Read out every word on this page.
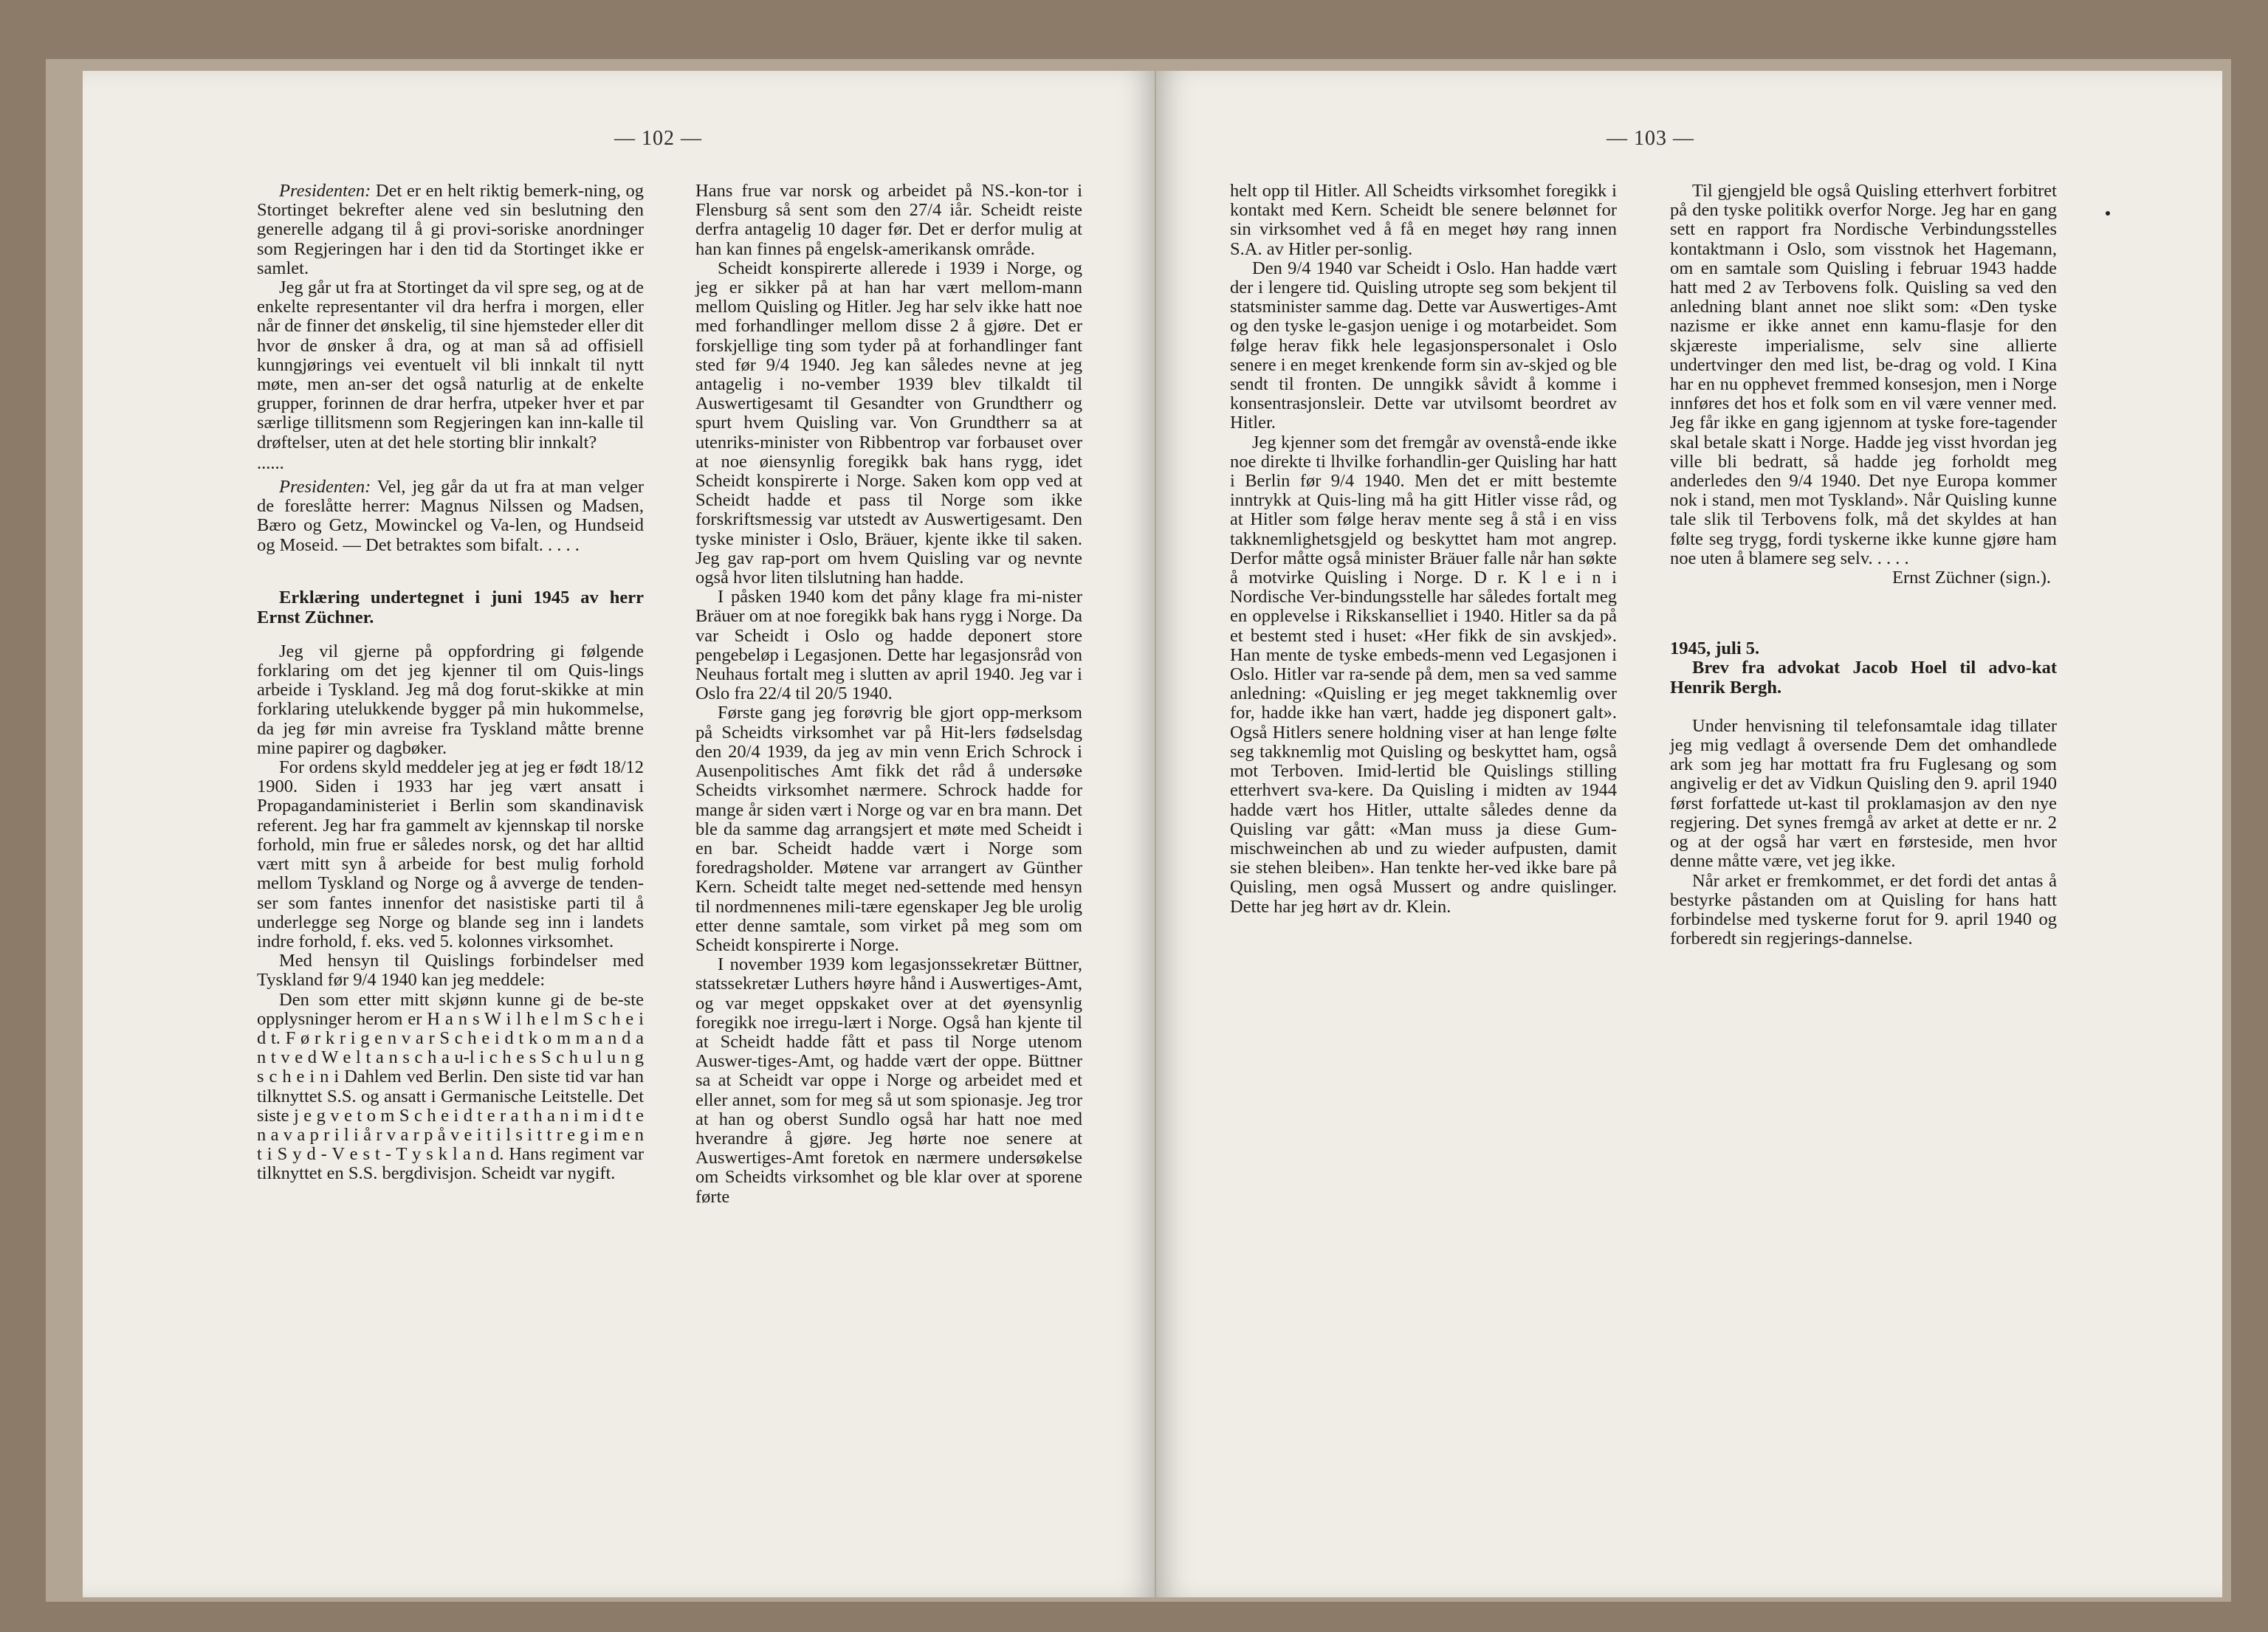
— 102 —

Presidenten: Det er en helt riktig bemerk-ning, og Stortinget bekrefter alene ved sin beslutning den generelle adgang til å gi provi-soriske anordninger som Regjeringen har i den tid da Stortinget ikke er samlet.

Jeg går ut fra at Stortinget da vil spre seg, og at de enkelte representanter vil dra herfra i morgen, eller når de finner det ønskelig, til sine hjemsteder eller dit hvor de ønsker å dra, og at man så ad offisiell kunngjørings vei eventuelt vil bli innkalt til nytt møte, men an-ser det også naturlig at de enkelte grupper, forinnen de drar herfra, utpeker hver et par særlige tillitsmenn som Regjeringen kan inn-kalle til drøftelser, uten at det hele storting blir innkalt?

......

Presidenten: Vel, jeg går da ut fra at man velger de foreslåtte herrer: Magnus Nilssen og Madsen, Bæro og Getz, Mowinckel og Va-len, og Hundseid og Moseid. — Det betraktes som bifalt. . . . .

Erklæring undertegnet i juni 1945 av herr Ernst Züchner.

Jeg vil gjerne på oppfordring gi følgende forklaring om det jeg kjenner til om Quis-lings arbeide i Tyskland. Jeg må dog forut-skikke at min forklaring utelukkende bygger på min hukommelse, da jeg før min avreise fra Tyskland måtte brenne mine papirer og dagbøker.

For ordens skyld meddeler jeg at jeg er født 18/12 1900. Siden i 1933 har jeg vært ansatt i Propagandaministeriet i Berlin som skandinavisk referent. Jeg har fra gammelt av kjennskap til norske forhold, min frue er således norsk, og det har alltid vært mitt syn å arbeide for best mulig forhold mellom Tyskland og Norge og å avverge de tenden-ser som fantes innenfor det nasistiske parti til å underlegge seg Norge og blande seg inn i landets indre forhold, f. eks. ved 5. kolonnes virksomhet.

Med hensyn til Quislings forbindelser med Tyskland før 9/4 1940 kan jeg meddele:

Den som etter mitt skjønn kunne gi de be-ste opplysninger herom er H a n s W i l h e l m S c h e i d t. F ø r k r i g e n v a r S c h e i d t k o m m a n d a n t v e d W e l t a n s c h a u-l i c h e s S c h u l u n g s c h e i n i Dahlem ved Berlin. Den siste tid var han tilknyttet S.S. og ansatt i Germanische Leitstelle. Det siste j e g v e t o m S c h e i d t e r a t h a n i m i d t e n a v a p r i l i å r v a r p å v e i t i l s i t t r e g i m e n t i S y d - V e s t - T y s k l a n d. Hans regiment var tilknyttet en S.S. bergdivisjon. Scheidt var nygift.

Hans frue var norsk og arbeidet på NS.-kon-tor i Flensburg så sent som den 27/4 iår. Scheidt reiste derfra antagelig 10 dager før. Det er derfor mulig at han kan finnes på engelsk-amerikansk område.

Scheidt konspirerte allerede i 1939 i Norge, og jeg er sikker på at han har vært mellom-mann mellom Quisling og Hitler. Jeg har selv ikke hatt noe med forhandlinger mellom disse 2 å gjøre. Det er forskjellige ting som tyder på at forhandlinger fant sted før 9/4 1940. Jeg kan således nevne at jeg antagelig i no-vember 1939 blev tilkaldt til Auswertigesamt til Gesandter von Grundtherr og spurt hvem Quisling var. Von Grundtherr sa at utenriks-minister von Ribbentrop var forbauset over at noe øiensynlig foregikk bak hans rygg, idet Scheidt konspirerte i Norge. Saken kom opp ved at Scheidt hadde et pass til Norge som ikke forskriftsmessig var utstedt av Auswertigesamt. Den tyske minister i Oslo, Bräuer, kjente ikke til saken. Jeg gav rap-port om hvem Quisling var og nevnte også hvor liten tilslutning han hadde.

I påsken 1940 kom det påny klage fra mi-nister Bräuer om at noe foregikk bak hans rygg i Norge. Da var Scheidt i Oslo og hadde deponert store pengebeløp i Legasjonen. Dette har legasjonsråd von Neuhaus fortalt meg i slutten av april 1940. Jeg var i Oslo fra 22/4 til 20/5 1940.

Første gang jeg forøvrig ble gjort opp-merksom på Scheidts virksomhet var på Hit-lers fødselsdag den 20/4 1939, da jeg av min venn Erich Schrock i Ausenpolitisches Amt fikk det råd å undersøke Scheidts virksomhet nærmere. Schrock hadde for mange år siden vært i Norge og var en bra mann. Det ble da samme dag arrangsjert et møte med Scheidt i en bar. Scheidt hadde vært i Norge som foredragsholder. Møtene var arrangert av Günther Kern. Scheidt talte meget ned-settende med hensyn til nordmennenes mili-tære egenskaper Jeg ble urolig etter denne samtale, som virket på meg som om Scheidt konspirerte i Norge.

I november 1939 kom legasjonssekretær Büttner, statssekretær Luthers høyre hånd i Auswertiges-Amt, og var meget oppskaket over at det øyensynlig foregikk noe irregu-lært i Norge. Også han kjente til at Scheidt hadde fått et pass til Norge utenom Auswer-tiges-Amt, og hadde vært der oppe. Büttner sa at Scheidt var oppe i Norge og arbeidet med et eller annet, som for meg så ut som spionasje. Jeg tror at han og oberst Sundlo også har hatt noe med hverandre å gjøre. Jeg hørte noe senere at Auswertiges-Amt foretok en nærmere undersøkelse om Scheidts virksomhet og ble klar over at sporene førte

— 103 —

helt opp til Hitler. All Scheidts virksomhet foregikk i kontakt med Kern. Scheidt ble senere belønnet for sin virksomhet ved å få en meget høy rang innen S.A. av Hitler per-sonlig.

Den 9/4 1940 var Scheidt i Oslo. Han hadde vært der i lengere tid. Quisling utropte seg som bekjent til statsminister samme dag. Dette var Auswertiges-Amt og den tyske le-gasjon uenige i og motarbeidet. Som følge herav fikk hele legasjonspersonalet i Oslo senere i en meget krenkende form sin av-skjed og ble sendt til fronten. De unngikk såvidt å komme i konsentrasjonsleir. Dette var utvilsomt beordret av Hitler.

Jeg kjenner som det fremgår av ovenstå-ende ikke noe direkte ti lhvilke forhandlin-ger Quisling har hatt i Berlin før 9/4 1940. Men det er mitt bestemte inntrykk at Quis-ling må ha gitt Hitler visse råd, og at Hitler som følge herav mente seg å stå i en viss takknemlighetsgjeld og beskyttet ham mot angrep. Derfor måtte også minister Bräuer falle når han søkte å motvirke Quisling i Norge. D r. K l e i n i Nordische Ver-bindungsstelle har således fortalt meg en opplevelse i Rikskanselliet i 1940. Hitler sa da på et bestemt sted i huset: «Her fikk de sin avskjed». Han mente de tyske embeds-menn ved Legasjonen i Oslo. Hitler var ra-sende på dem, men sa ved samme anledning: «Quisling er jeg meget takknemlig over for, hadde ikke han vært, hadde jeg disponert galt». Også Hitlers senere holdning viser at han lenge følte seg takknemlig mot Quisling og beskyttet ham, også mot Terboven. Imid-lertid ble Quislings stilling etterhvert sva-kere. Da Quisling i midten av 1944 hadde vært hos Hitler, uttalte således denne da Quisling var gått: «Man muss ja diese Gum-mischweinchen ab und zu wieder aufpusten, damit sie stehen bleiben». Han tenkte her-ved ikke bare på Quisling, men også Mussert og andre quislinger. Dette har jeg hørt av dr. Klein.

Til gjengjeld ble også Quisling etterhvert forbitret på den tyske politikk overfor Norge. Jeg har en gang sett en rapport fra Nordische Verbindungsstelles kontaktmann i Oslo, som visstnok het Hagemann, om en samtale som Quisling i februar 1943 hadde hatt med 2 av Terbovens folk. Quisling sa ved den anledning blant annet noe slikt som: «Den tyske nazisme er ikke annet enn kamu-flasje for den skjæreste imperialisme, selv sine allierte undertvinger den med list, be-drag og vold. I Kina har en nu opphevet fremmed konsesjon, men i Norge innføres det hos et folk som en vil være venner med. Jeg får ikke en gang igjennom at tyske fore-tagender skal betale skatt i Norge. Hadde jeg visst hvordan jeg ville bli bedratt, så hadde jeg forholdt meg anderledes den 9/4 1940. Det nye Europa kommer nok i stand, men mot Tyskland». Når Quisling kunne tale slik til Terbovens folk, må det skyldes at han følte seg trygg, fordi tyskerne ikke kunne gjøre ham noe uten å blamere seg selv. . . . .

Ernst Züchner (sign.).

1945, juli 5.

Brev fra advokat Jacob Hoel til advo-kat Henrik Bergh.

Under henvisning til telefonsamtale idag tillater jeg mig vedlagt å oversende Dem det omhandlede ark som jeg har mottatt fra fru Fuglesang og som angivelig er det av Vidkun Quisling den 9. april 1940 først forfattede ut-kast til proklamasjon av den nye regjering. Det synes fremgå av arket at dette er nr. 2 og at der også har vært en førsteside, men hvor denne måtte være, vet jeg ikke.

Når arket er fremkommet, er det fordi det antas å bestyrke påstanden om at Quisling for hans hatt forbindelse med tyskerne forut for 9. april 1940 og forberedt sin regjerings-dannelse.
